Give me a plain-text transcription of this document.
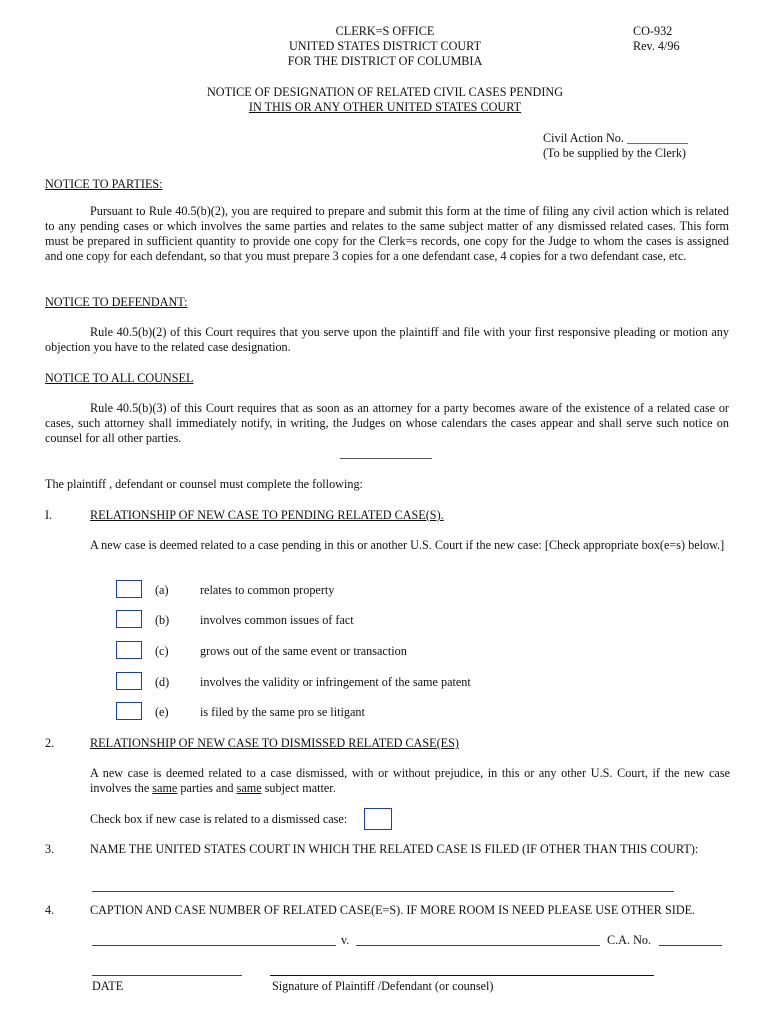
CLERK=S OFFICE
UNITED STATES DISTRICT COURT
FOR THE DISTRICT OF COLUMBIA
CO-932
Rev. 4/96
NOTICE OF DESIGNATION OF RELATED CIVIL CASES PENDING
IN THIS OR ANY OTHER UNITED STATES COURT
Civil Action No. __________
(To be supplied by the Clerk)
NOTICE TO PARTIES:
Pursuant to Rule 40.5(b)(2), you are required to prepare and submit this form at the time of filing any civil action which is related to any pending cases or which involves the same parties and relates to the same subject matter of any dismissed related cases. This form must be prepared in sufficient quantity to provide one copy for the Clerk=s records, one copy for the Judge to whom the cases is assigned and one copy for each defendant, so that you must prepare 3 copies for a one defendant case, 4 copies for a two defendant case, etc.
NOTICE TO DEFENDANT:
Rule 40.5(b)(2) of this Court requires that you serve upon the plaintiff and file with your first responsive pleading or motion any objection you have to the related case designation.
NOTICE TO ALL COUNSEL
Rule 40.5(b)(3) of this Court requires that as soon as an attorney for a party becomes aware of the existence of a related case or cases, such attorney shall immediately notify, in writing, the Judges on whose calendars the cases appear and shall serve such notice on counsel for all other parties.
The plaintiff , defendant or counsel must complete the following:
I.	RELATIONSHIP OF NEW CASE TO PENDING RELATED CASE(S).
A new case is deemed related to a case pending in this or another U.S. Court if the new case: [Check appropriate box(e=s) below.]
(a)	relates to common property
(b)	involves common issues of fact
(c)	grows out of the same event or transaction
(d)	involves the validity or infringement of the same patent
(e)	is filed by the same pro se litigant
2.	RELATIONSHIP OF NEW CASE TO DISMISSED RELATED CASE(ES)
A new case is deemed related to a case dismissed, with or without prejudice, in this or any other U.S. Court, if the new case involves the same parties and same subject matter.
Check box if new case is related to a dismissed case:
3.	NAME THE UNITED STATES COURT IN WHICH THE RELATED CASE IS FILED (IF OTHER THAN THIS COURT):
4.	CAPTION AND CASE NUMBER OF RELATED CASE(E=S). IF MORE ROOM IS NEED PLEASE USE OTHER SIDE.
v.	C.A. No.
DATE	Signature of Plaintiff /Defendant (or counsel)
